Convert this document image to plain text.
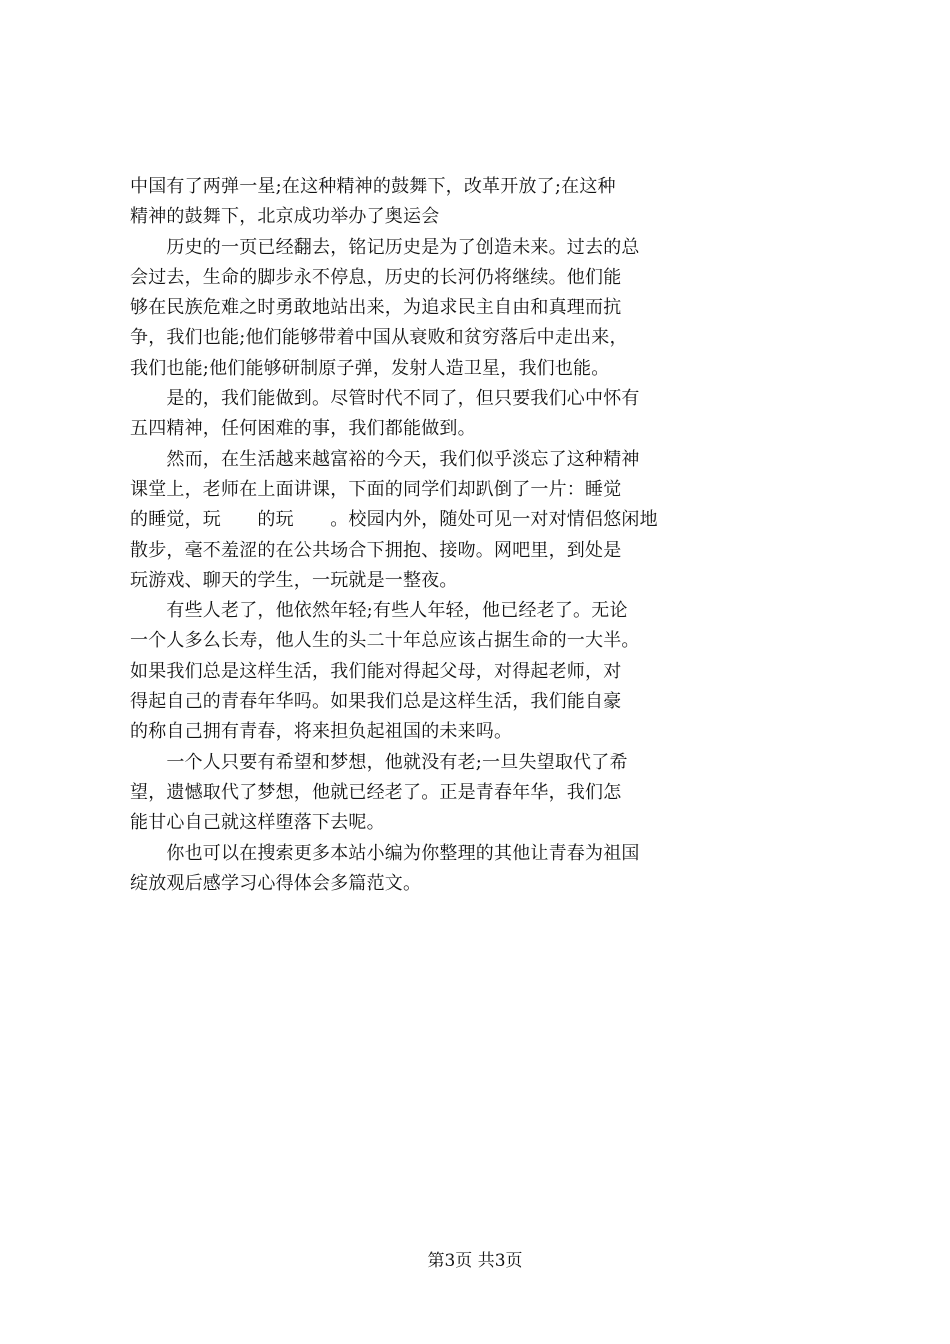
中国有了两弹一星;在这种精神的鼓舞下，改革开放了;在这种
精神的鼓舞下，北京成功举办了奥运会
　　历史的一页已经翻去，铭记历史是为了创造未来。过去的总
会过去，生命的脚步永不停息，历史的长河仍将继续。他们能
够在民族危难之时勇敢地站出来，为追求民主自由和真理而抗
争，我们也能;他们能够带着中国从衰败和贫穷落后中走出来，
我们也能;他们能够研制原子弹，发射人造卫星，我们也能。
　　是的，我们能做到。尽管时代不同了，但只要我们心中怀有
五四精神，任何困难的事，我们都能做到。
　　然而，在生活越来越富裕的今天，我们似乎淡忘了这种精神
课堂上，老师在上面讲课，下面的同学们却趴倒了一片：睡觉
的睡觉，玩　　的玩　　。校园内外，随处可见一对对情侣悠闲地
散步，毫不羞涩的在公共场合下拥抱、接吻。网吧里，到处是
玩游戏、聊天的学生，一玩就是一整夜。
　　有些人老了，他依然年轻;有些人年轻，他已经老了。无论
一个人多么长寿，他人生的头二十年总应该占据生命的一大半。
如果我们总是这样生活，我们能对得起父母，对得起老师，对
得起自己的青春年华吗。如果我们总是这样生活，我们能自豪
的称自己拥有青春，将来担负起祖国的未来吗。
　　一个人只要有希望和梦想，他就没有老;一旦失望取代了希
望，遗憾取代了梦想，他就已经老了。正是青春年华，我们怎
能甘心自己就这样堕落下去呢。
　　你也可以在搜索更多本站小编为你整理的其他让青春为祖国
绽放观后感学习心得体会多篇范文。
第3页 共3页
